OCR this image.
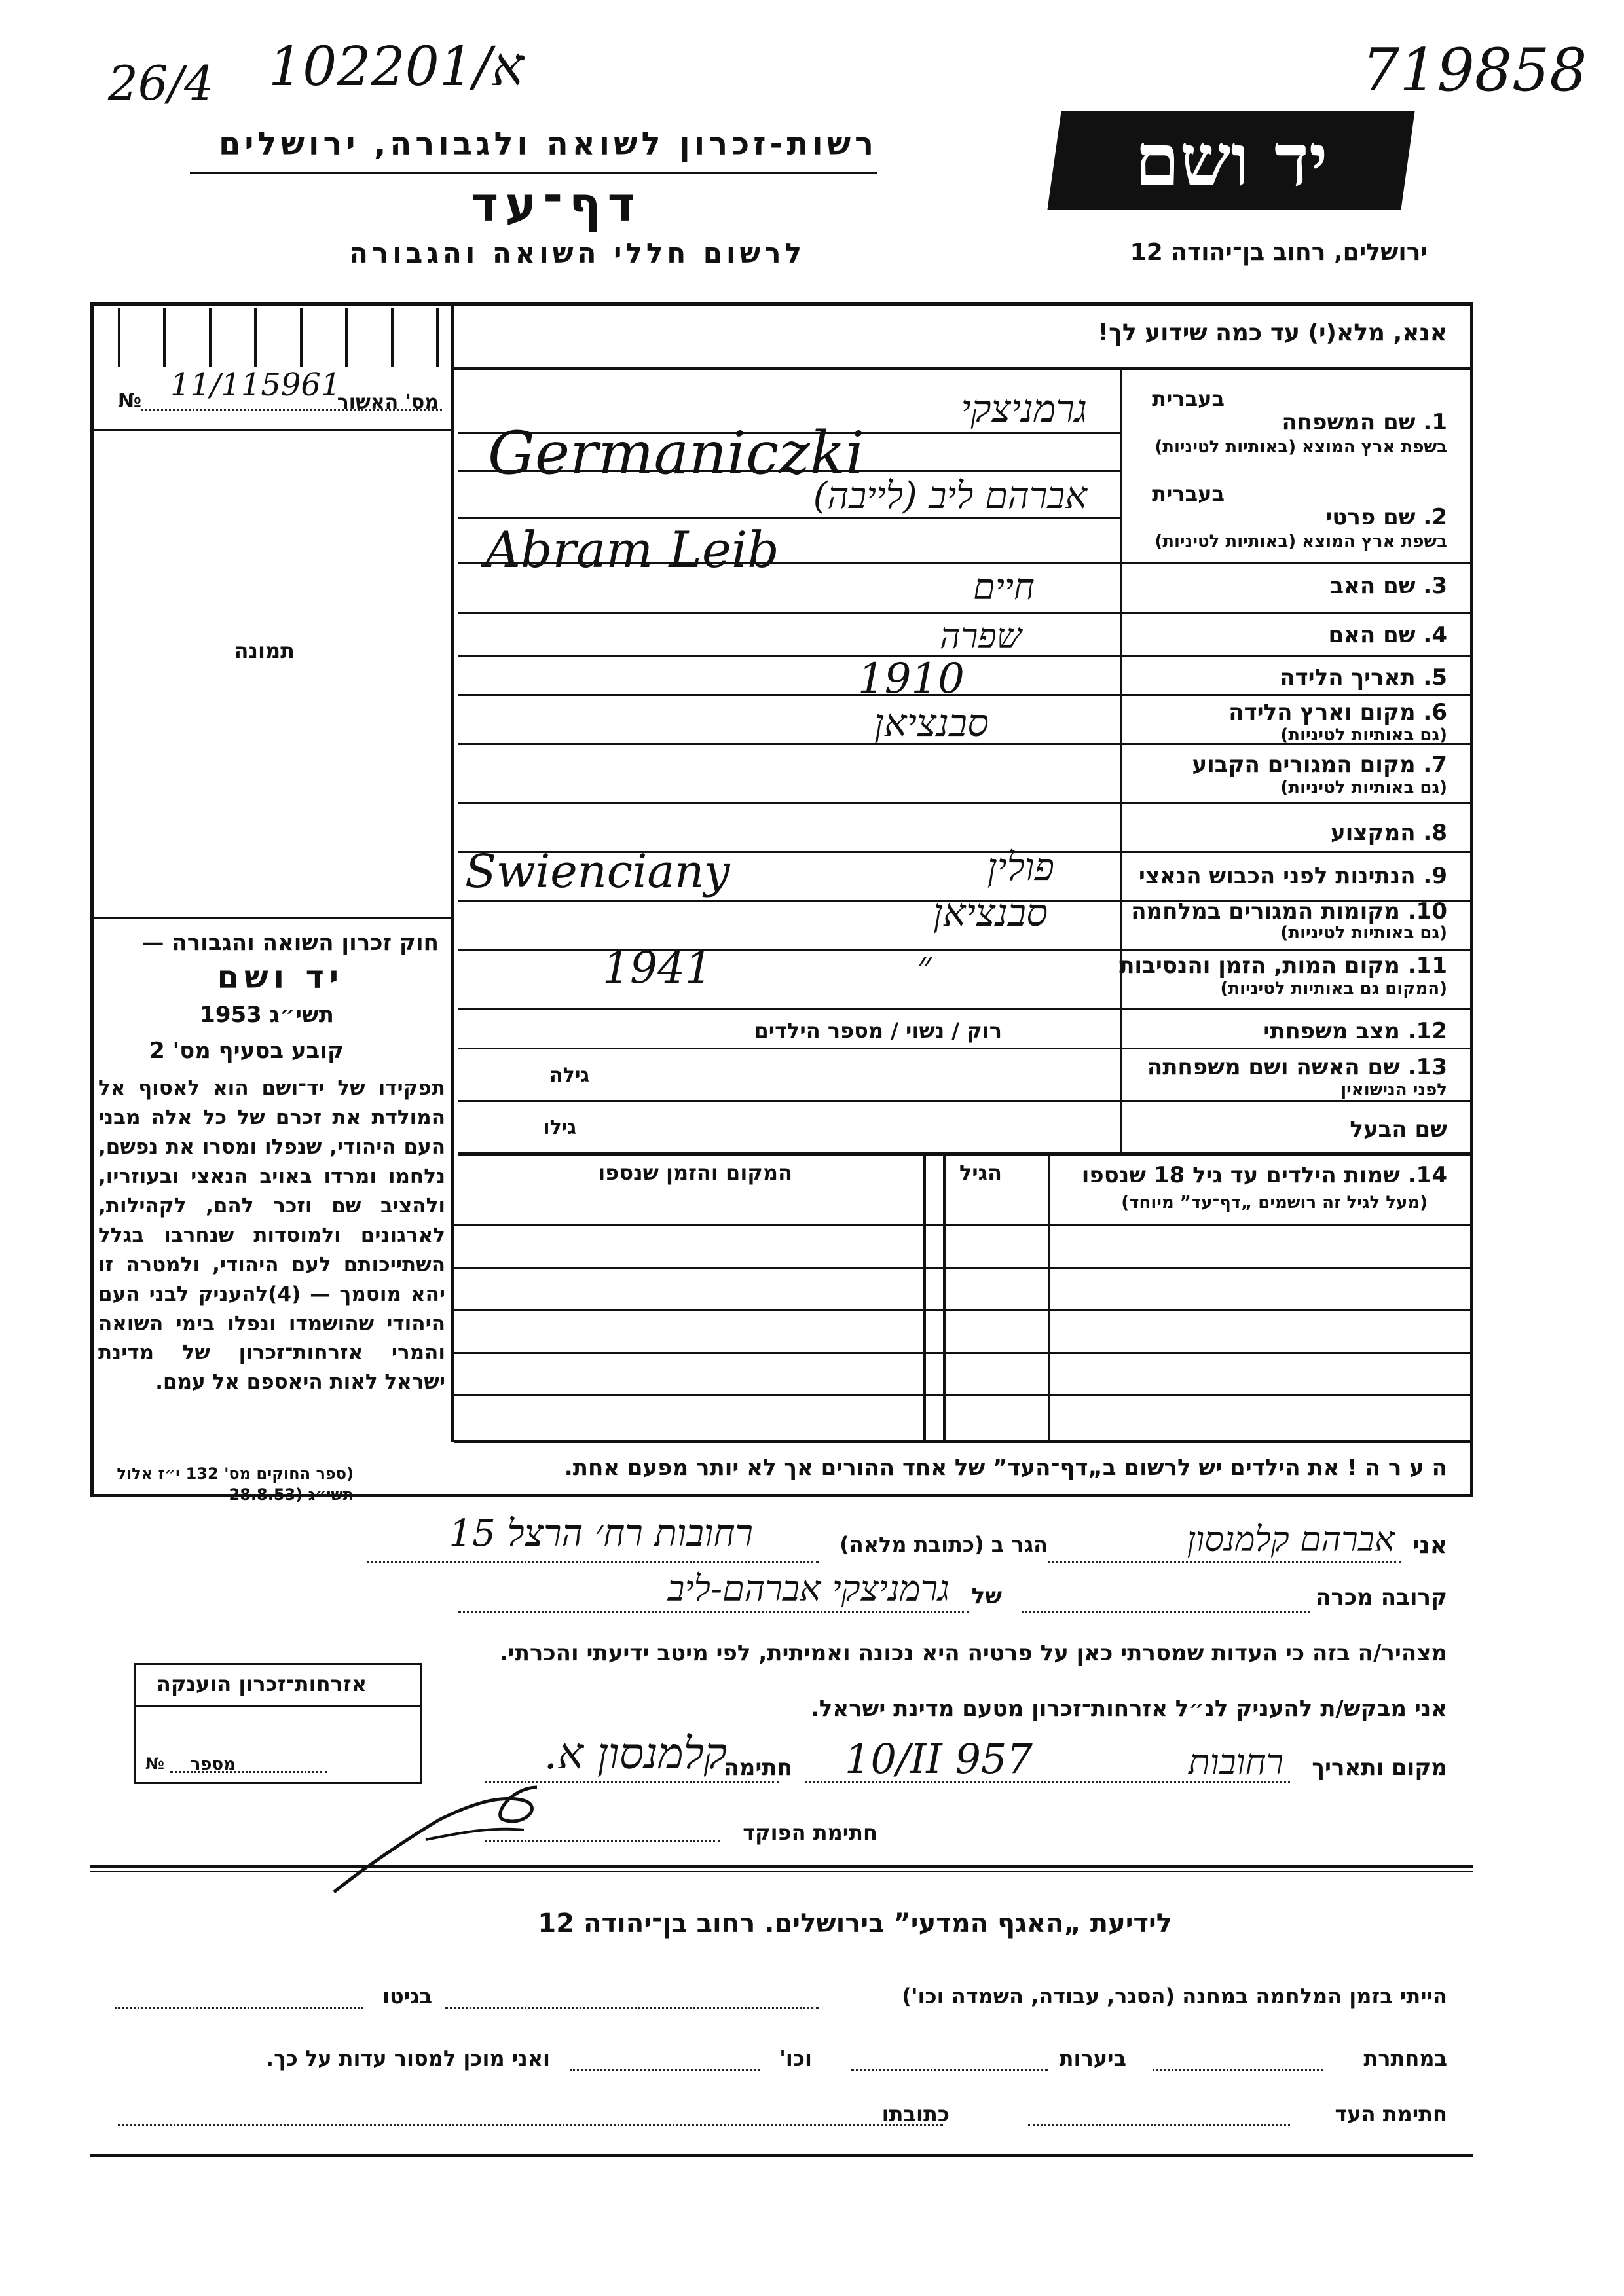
26/4 102א/201	719858
רשות-זכרון לשואה ולגבורה, ירושלים
דף־עד
לרשום חללי השואה והגבורה
יד ושם
ירושלים, רחוב בן־יהודה 12
אנא, מלא(י) עד כמה שידוע לך!
11/115961
№	מס' האשור
תמונה
בעברית
1. שם המשפחה
בשפת ארץ המוצא (באותיות לטיניות)
גרמניצקי
Germaniczki
בעברית
2. שם פרטי
בשפת ארץ המוצא (באותיות לטיניות)
אברהם ליב (לייבה)
Abram Leib
3. שם האב
חיים
4. שם האם
שפרה
5. תאריך הלידה
1910
6. מקום וארץ הלידה
(גם באותיות לטיניות)
סבנציאן
7. מקום המגורים הקבוע
(גם באותיות לטיניות)
8. המקצוע
9. הנתינות לפני הכבוש הנאצי
Swienciany	פולין
10. מקומות המגורים במלחמה
(גם באותיות לטיניות)
סבנציאן
11. מקום המות, הזמן והנסיבות
(המקום גם באותיות לטיניות)
1941	״
12. מצב משפחתי
רוק / נשוי / מספר הילדים
13. שם האשה ושם משפחתה
לפני הנישואין
גילה
שם הבעל
גילו
14. שמות הילדים עד גיל 18 שנספו
(מעל לגיל זה רושמים „דף־עד” מיוחד)
הגיל
המקום והזמן שנספו
ה ע ר ה ! את הילדים יש לרשום ב„דף־העד” של אחד ההורים אך לא יותר מפעם אחת.
חוק זכרון השואה והגבורה —
יד ושם
תשי״ג 1953
קובע בסעיף מס' 2
תפקידו של יד־ושם הוא לאסוף אל המולדת את זכרם של כל אלה מבני העם היהודי, שנפלו ומסרו את נפשם, נלחמו ומרדו באויב הנאצי ובעוזריו, ולהציב שם וזכר להם, לקהילות, לארגונים ולמוסדות שנחרבו בגלל השתייכותם לעם היהודי, ולמטרה זו יהא מוסמך — (4)להעניק לבני העם היהודי שהושמדו ונפלו בימי השואה והמרי אזרחות־זכרון של מדינת ישראל לאות היאספם אל עמם.
(ספר החוקים מס' 132 י״ז אלול תשי״ג (28.8.53
אני
אברהם קלמנסון
הגר ב (כתובת מלאה)
רחובות רח׳ הרצל 15
קרובה מכרה
של
גרמניצקי אברהם-ליב
מצהיר/ה בזה כי העדות שמסרתי כאן על פרטיה היא נכונה ואמיתית, לפי מיטב ידיעתי והכרתי.
אני מבקש/ת להעניק לנ״ל אזרחות־זכרון מטעם מדינת ישראל.
אזרחות־זכרון הוענקה
№ מספר	מקום ותאריך
רחובות
10/II 957
חתימה
קלמנסון א.
חתימת הפוקד
לידיעת „האגף המדעי” בירושלים. רחוב בן־יהודה 12
הייתי בזמן המלחמה במחנה (הסגר, עבודה, השמדה וכו')
בגיטו
במחתרת
ביערות
וכו'
ואני מוכן למסור עדות על כך.
חתימת העד
כתובתו
